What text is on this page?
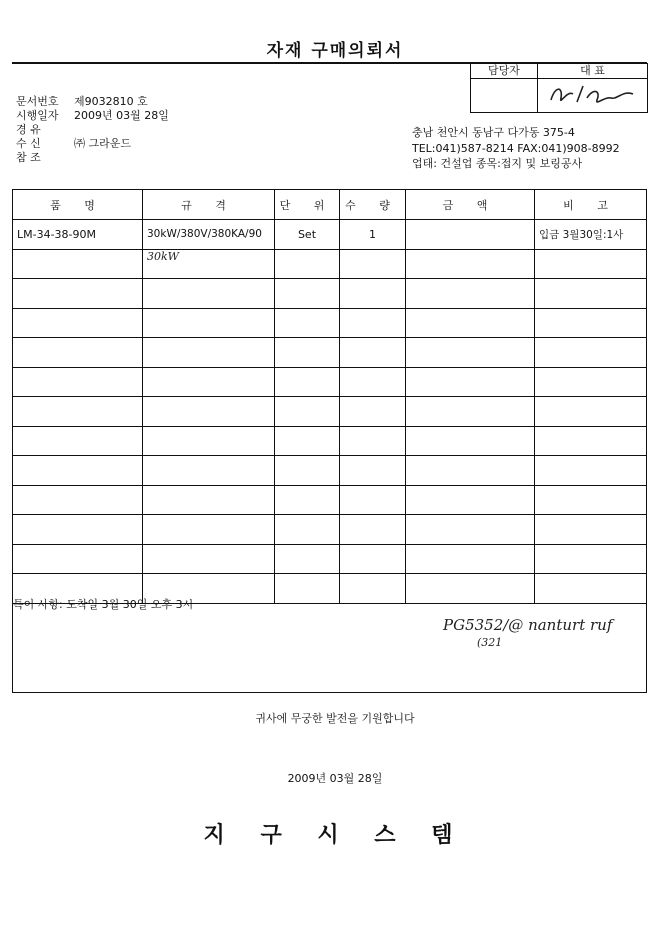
자재 구매의뢰서
담당자	대 표
문서번호 제9032810 호
시행일자 2009년 03월 28일
경 유
수 신	㈜ 그라운드
참 조
충남 천안시 동남구 다가동 375-4
TEL:041)587-8214 FAX:041)908-8992
업태: 건설업 종목:접지 및 보링공사
품 명	규 격	단 위	수 량	금 액	비 고
LM-34-38-90M	30kW/380V/380KA/90	Set	1		입금 3월30일:1사
	30kW				

특이 사항: 도착일 3월 30일 오후 3시
PG5352/@ nanturt ruf
(321
귀사에 무궁한 발전을 기원합니다
2009년 03월 28일
지 구 시 스 템
